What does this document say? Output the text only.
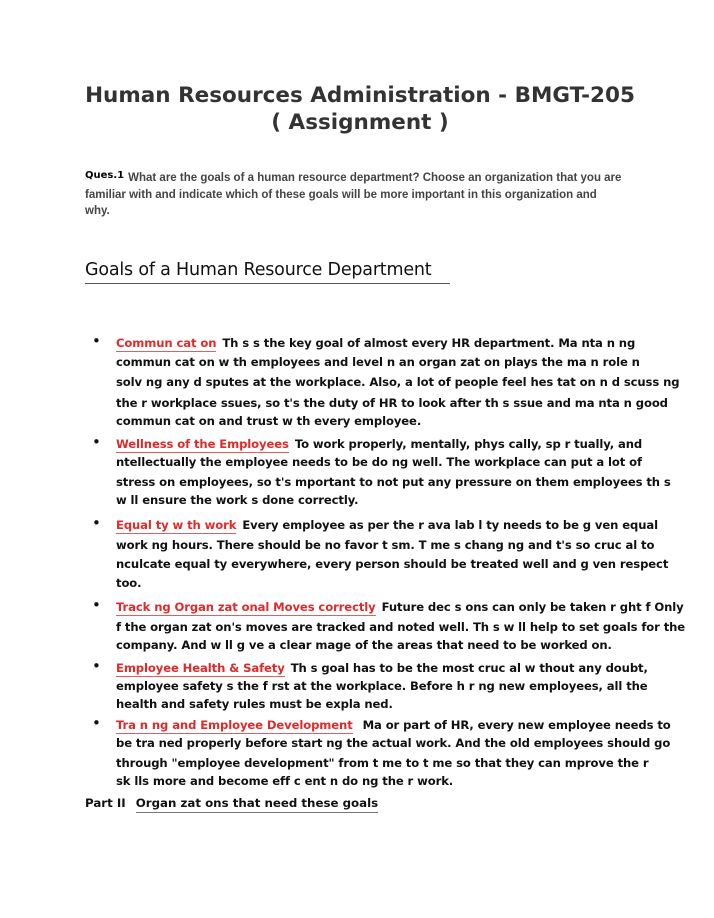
Human Resources Administration - BMGT-205
( Assignment )
Ques.1 What are the goals of a human resource department? Choose an organization that you are
familiar with and indicate which of these goals will be more important in this organization and
why.
Goals of a Human Resource Department
• Commun cat on Th s s the key goal of almost every HR department. Ma nta n ng
commun cat on w th employees and level n an organ zat on plays the ma n role n
solv ng any d sputes at the workplace. Also, a lot of people feel hes tat on n d scuss ng
the r workplace ssues, so t's the duty of HR to look after th s ssue and ma nta n good
commun cat on and trust w th every employee.
• Wellness of the Employees To work properly, mentally, phys cally, sp r tually, and
ntellectually the employee needs to be do ng well. The workplace can put a lot of
stress on employees, so t's mportant to not put any pressure on them employees th s
w ll ensure the work s done correctly.
• Equal ty w th work Every employee as per the r ava lab l ty needs to be g ven equal
work ng hours. There should be no favor t sm. T me s chang ng and t's so cruc al to
nculcate equal ty everywhere, every person should be treated well and g ven respect
too.
• Track ng Organ zat onal Moves correctly Future dec s ons can only be taken r ght f Only
f the organ zat on's moves are tracked and noted well. Th s w ll help to set goals for the
company. And w ll g ve a clear mage of the areas that need to be worked on.
• Employee Health & Safety Th s goal has to be the most cruc al w thout any doubt,
employee safety s the f rst at the workplace. Before h r ng new employees, all the
health and safety rules must be expla ned.
• Tra n ng and Employee Development Ma or part of HR, every new employee needs to
be tra ned properly before start ng the actual work. And the old employees should go
through "employee development" from t me to t me so that they can mprove the r
sk lls more and become eff c ent n do ng the r work.
Part II Organ zat ons that need these goals
